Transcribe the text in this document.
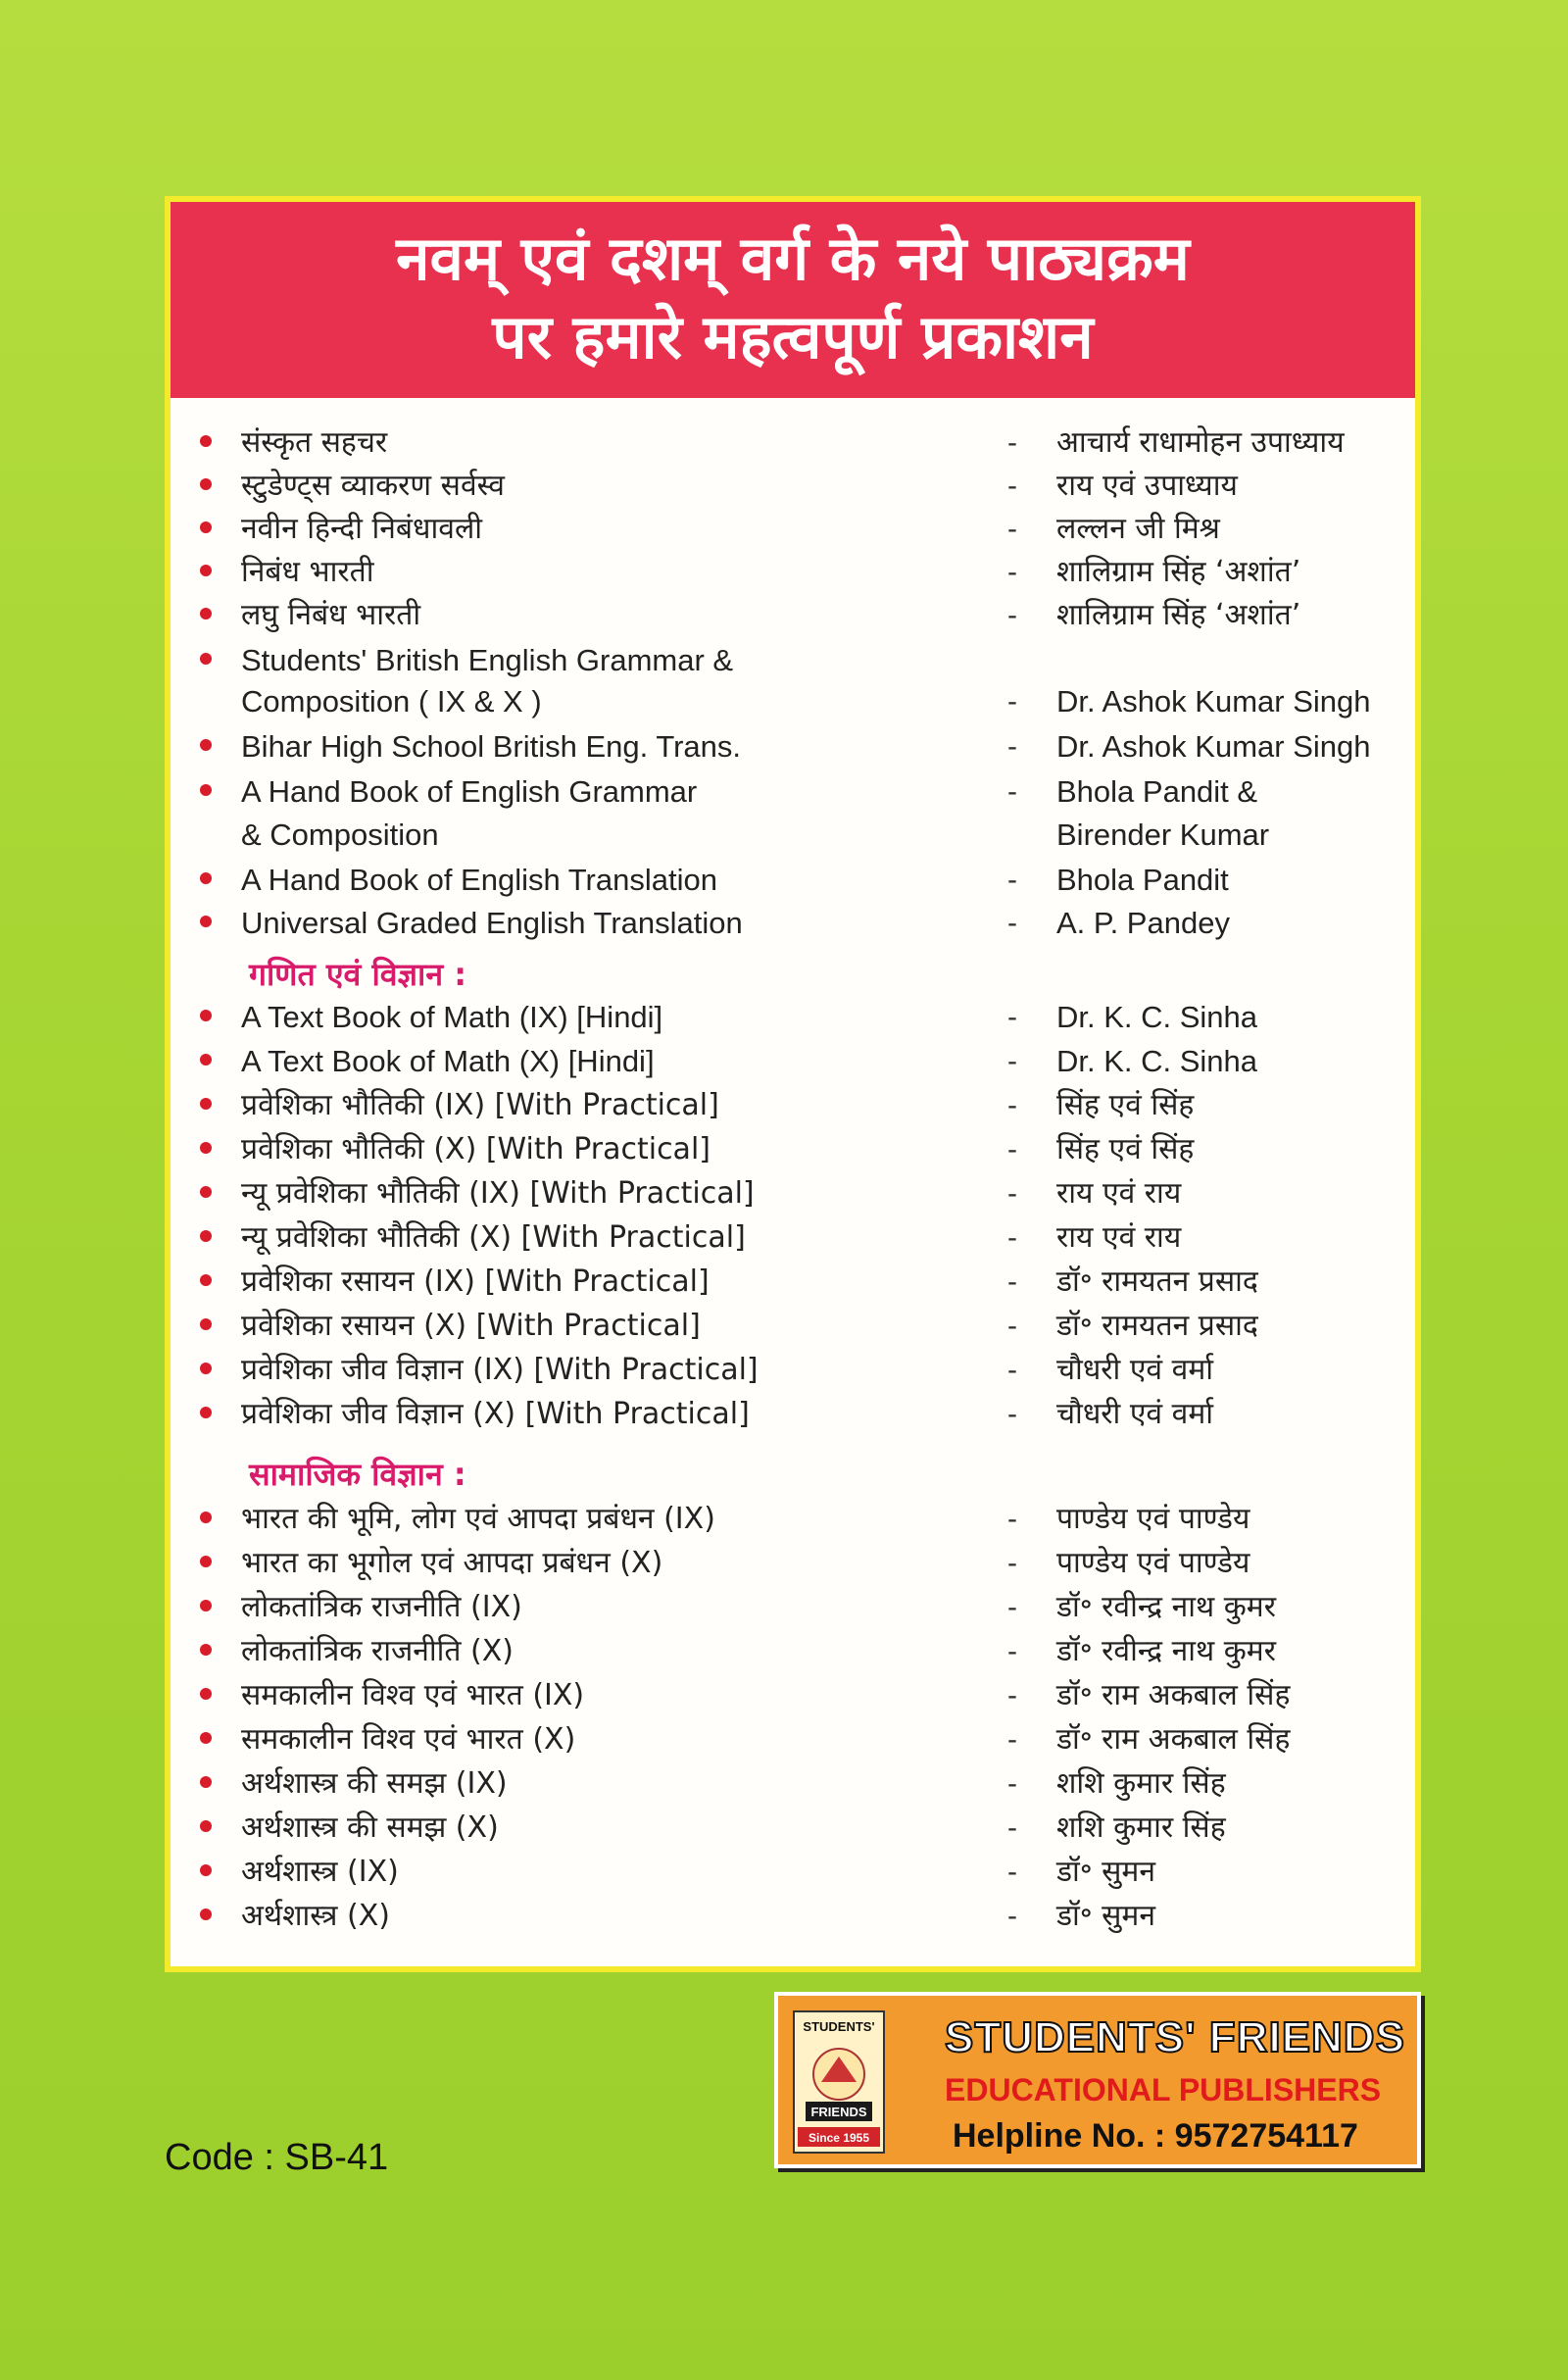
नवम् एवं दशम् वर्ग के नये पाठ्यक्रम
पर हमारे महत्वपूर्ण प्रकाशन
संस्कृत सहचर	- आचार्य राधामोहन उपाध्याय
स्टुडेण्ट्स व्याकरण सर्वस्व	- राय एवं उपाध्याय
नवीन हिन्दी निबंधावली	- लल्लन जी मिश्र
निबंध भारती	- शालिग्राम सिंह ‘अशांत’
लघु निबंध भारती	- शालिग्राम सिंह ‘अशांत’
Students' British English Grammar &
Composition ( IX & X )	- Dr. Ashok Kumar Singh
Bihar High School British Eng. Trans.	- Dr. Ashok Kumar Singh
A Hand Book of English Grammar	- Bhola Pandit &
& Composition	Birender Kumar
A Hand Book of English Translation	- Bhola Pandit
Universal Graded English Translation	- A. P. Pandey
गणित एवं विज्ञान :
A Text Book of Math (IX) [Hindi]	- Dr. K. C. Sinha
A Text Book of Math (X) [Hindi]	- Dr. K. C. Sinha
प्रवेशिका भौतिकी (IX) [With Practical]	- सिंह एवं सिंह
प्रवेशिका भौतिकी (X) [With Practical]	- सिंह एवं सिंह
न्यू प्रवेशिका भौतिकी (IX) [With Practical]	- राय एवं राय
न्यू प्रवेशिका भौतिकी (X) [With Practical]	- राय एवं राय
प्रवेशिका रसायन (IX) [With Practical]	- डॉ॰ रामयतन प्रसाद
प्रवेशिका रसायन (X) [With Practical]	- डॉ॰ रामयतन प्रसाद
प्रवेशिका जीव विज्ञान (IX) [With Practical]	- चौधरी एवं वर्मा
प्रवेशिका जीव विज्ञान (X) [With Practical]	- चौधरी एवं वर्मा
सामाजिक विज्ञान :
भारत की भूमि, लोग एवं आपदा प्रबंधन (IX)	- पाण्डेय एवं पाण्डेय
भारत का भूगोल एवं आपदा प्रबंधन (X)	- पाण्डेय एवं पाण्डेय
लोकतांत्रिक राजनीति (IX)	- डॉ॰ रवीन्द्र नाथ कुमर
लोकतांत्रिक राजनीति (X)	- डॉ॰ रवीन्द्र नाथ कुमर
समकालीन विश्व एवं भारत (IX)	- डॉ॰ राम अकबाल सिंह
समकालीन विश्व एवं भारत (X)	- डॉ॰ राम अकबाल सिंह
अर्थशास्त्र की समझ (IX)	- शशि कुमार सिंह
अर्थशास्त्र की समझ (X)	- शशि कुमार सिंह
अर्थशास्त्र (IX)	- डॉ॰ सुमन
अर्थशास्त्र (X)	- डॉ॰ सुमन
Code : SB-41
STUDENTS'
FRIENDS
Since 1955
STUDENTS' FRIENDS
EDUCATIONAL PUBLISHERS
Helpline No. : 9572754117
